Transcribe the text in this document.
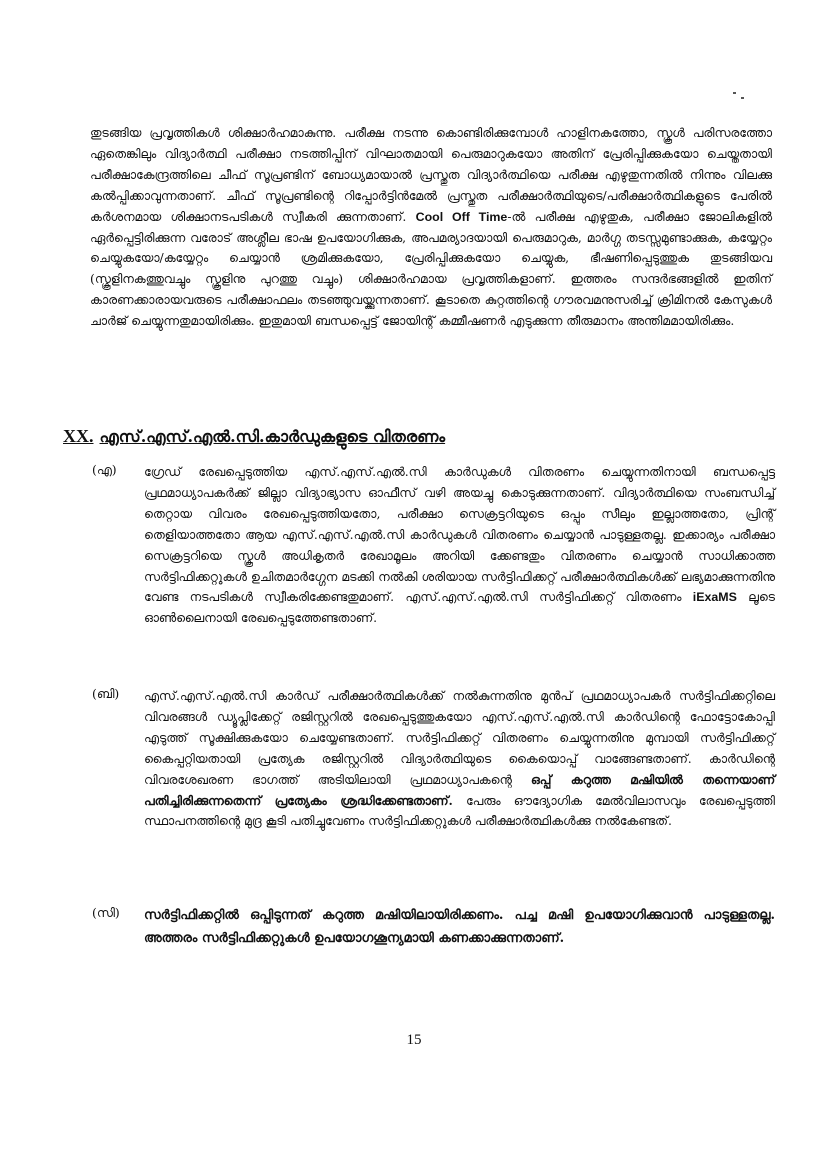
തുടങ്ങിയ പ്രവൃത്തികൾ ശിക്ഷാർഹമാകുന്നു. പരീക്ഷ നടന്നു കൊണ്ടിരിക്കുമ്പോൾ ഹാളിനകത്തോ, സ്കൂൾ പരിസരത്തോ ഏതെങ്കിലും വിദ്യാർത്ഥി പരീക്ഷാ നടത്തിപ്പിന് വിഘാതമായി പെരുമാറുകയോ അതിന് പ്രേരിപ്പിക്കുകയോ ചെയ്തതായി പരീക്ഷാകേന്ദ്രത്തിലെ ചീഫ് സൂപ്രണ്ടിന് ബോധ്യമായാൽ പ്രസ്തുത വിദ്യാർത്ഥിയെ പരീക്ഷ എഴുതുന്നതിൽ നിന്നും വിലക്കു കൽപ്പിക്കാവുന്നതാണ്. ചീഫ് സൂപ്രണ്ടിന്റെ റിപ്പോർട്ടിൻമേൽ പ്രസ്തുത പരീക്ഷാർത്ഥിയുടെ/പരീക്ഷാർത്ഥികളുടെ പേരിൽ കർശനമായ ശിക്ഷാനടപടികൾ സ്വീകരി ക്കുന്നതാണ്. Cool Off Time-ൽ പരീക്ഷ എഴുതുക, പരീക്ഷാ ജോലികളിൽ ഏർപ്പെട്ടിരിക്കുന്ന വരോട് അശ്ലീല ഭാഷ ഉപയോഗിക്കുക, അപമര്യാദയായി പെരുമാറുക, മാർഗ്ഗ തടസ്സമുണ്ടാക്കുക, കയ്യേറ്റം ചെയ്യുകയോ/കയ്യേറ്റം ചെയ്യാൻ ശ്രമിക്കുകയോ, പ്രേരിപ്പിക്കുകയോ ചെയ്യുക, ഭീഷണിപ്പെടുത്തുക തുടങ്ങിയവ (സ്കൂളിനകത്തുവച്ചും സ്കൂളിനു പുറത്തു വച്ചും) ശിക്ഷാർഹമായ പ്രവൃത്തികളാണ്. ഇത്തരം സന്ദർഭങ്ങളിൽ ഇതിന് കാരണക്കാരായവരുടെ പരീക്ഷാഫലം തടഞ്ഞുവയ്ക്കുന്നതാണ്. കൂടാതെ കുറ്റത്തിന്റെ ഗൗരവമനുസരിച്ച് ക്രിമിനൽ കേസുകൾ ചാർജ് ചെയ്യുന്നതുമായിരിക്കും. ഇതുമായി ബന്ധപ്പെട്ട് ജോയിന്റ് കമ്മീഷണർ എടുക്കുന്ന തീരുമാനം അന്തിമമായിരിക്കും.

XX. എസ്.എസ്.എൽ.സി.കാർഡുകളുടെ വിതരണം
(എ) ഗ്രേഡ് രേഖപ്പെടുത്തിയ എസ്.എസ്.എൽ.സി കാർഡുകൾ വിതരണം ചെയ്യുന്നതിനായി ബന്ധപ്പെട്ട പ്രഥമാധ്യാപകർക്ക് ജില്ലാ വിദ്യാഭ്യാസ ഓഫീസ് വഴി അയച്ചു കൊടുക്കുന്നതാണ്. വിദ്യാർത്ഥിയെ സംബന്ധിച്ച് തെറ്റായ വിവരം രേഖപ്പെടുത്തിയതോ, പരീക്ഷാ സെക്രട്ടറിയുടെ ഒപ്പും സീലും ഇല്ലാത്തതോ, പ്രിന്റ് തെളിയാത്തതോ ആയ എസ്.എസ്.എൽ.സി കാർഡുകൾ വിതരണം ചെയ്യാൻ പാടുള്ളതല്ല. ഇക്കാര്യം പരീക്ഷാ സെക്രട്ടറിയെ സ്കൂൾ അധികൃതർ രേഖാമൂലം അറിയി ക്കേണ്ടതും വിതരണം ചെയ്യാൻ സാധിക്കാത്ത സർട്ടിഫിക്കറ്റുകൾ ഉചിതമാർഗ്ഗേന മടക്കി നൽകി ശരിയായ സർട്ടിഫിക്കറ്റ് പരീക്ഷാർത്ഥികൾക്ക് ലഭ്യമാക്കുന്നതിനു വേണ്ട നടപടികൾ സ്വീകരിക്കേണ്ടതുമാണ്. എസ്.എസ്.എൽ.സി സർട്ടിഫിക്കറ്റ് വിതരണം iExaMS ലൂടെ ഓൺലൈനായി രേഖപ്പെടുത്തേണ്ടതാണ്.

(ബി) എസ്.എസ്.എൽ.സി കാർഡ് പരീക്ഷാർത്ഥികൾക്ക് നൽകുന്നതിനു മുൻപ് പ്രഥമാധ്യാപകർ സർട്ടിഫിക്കറ്റിലെ വിവരങ്ങൾ ഡ്യൂപ്ലിക്കേറ്റ് രജിസ്റ്ററിൽ രേഖപ്പെടുത്തുകയോ എസ്.എസ്.എൽ.സി കാർഡിന്റെ ഫോട്ടോകോപ്പി എടുത്ത് സൂക്ഷിക്കുകയോ ചെയ്യേണ്ടതാണ്. സർട്ടിഫിക്കറ്റ് വിതരണം ചെയ്യുന്നതിനു മുമ്പായി സർട്ടിഫിക്കറ്റ് കൈപ്പറ്റിയതായി പ്രത്യേക രജിസ്റ്ററിൽ വിദ്യാർത്ഥിയുടെ കൈയൊപ്പ് വാങ്ങേണ്ടതാണ്. കാർഡിന്റെ വിവരശേഖരണ ഭാഗത്ത് അടിയിലായി പ്രഥമാധ്യാപകന്റെ ഒപ്പ് കറുത്ത മഷിയിൽ തന്നെയാണ് പതിച്ചിരിക്കുന്നതെന്ന് പ്രത്യേകം ശ്രദ്ധിക്കേണ്ടതാണ്. പേരും ഔദ്യോഗിക മേൽവിലാസവും രേഖപ്പെടുത്തി സ്ഥാപനത്തിന്റെ മുദ്ര കൂടി പതിച്ചുവേണം സർട്ടിഫിക്കറ്റുകൾ പരീക്ഷാർത്ഥികൾക്കു നൽകേണ്ടത്.

(സി) സർട്ടിഫിക്കറ്റിൽ ഒപ്പിടുന്നത് കറുത്ത മഷിയിലായിരിക്കണം. പച്ച മഷി ഉപയോഗിക്കുവാൻ പാടുള്ളതല്ല. അത്തരം സർട്ടിഫിക്കറ്റുകൾ ഉപയോഗശൂന്യമായി കണക്കാക്കുന്നതാണ്.

15
